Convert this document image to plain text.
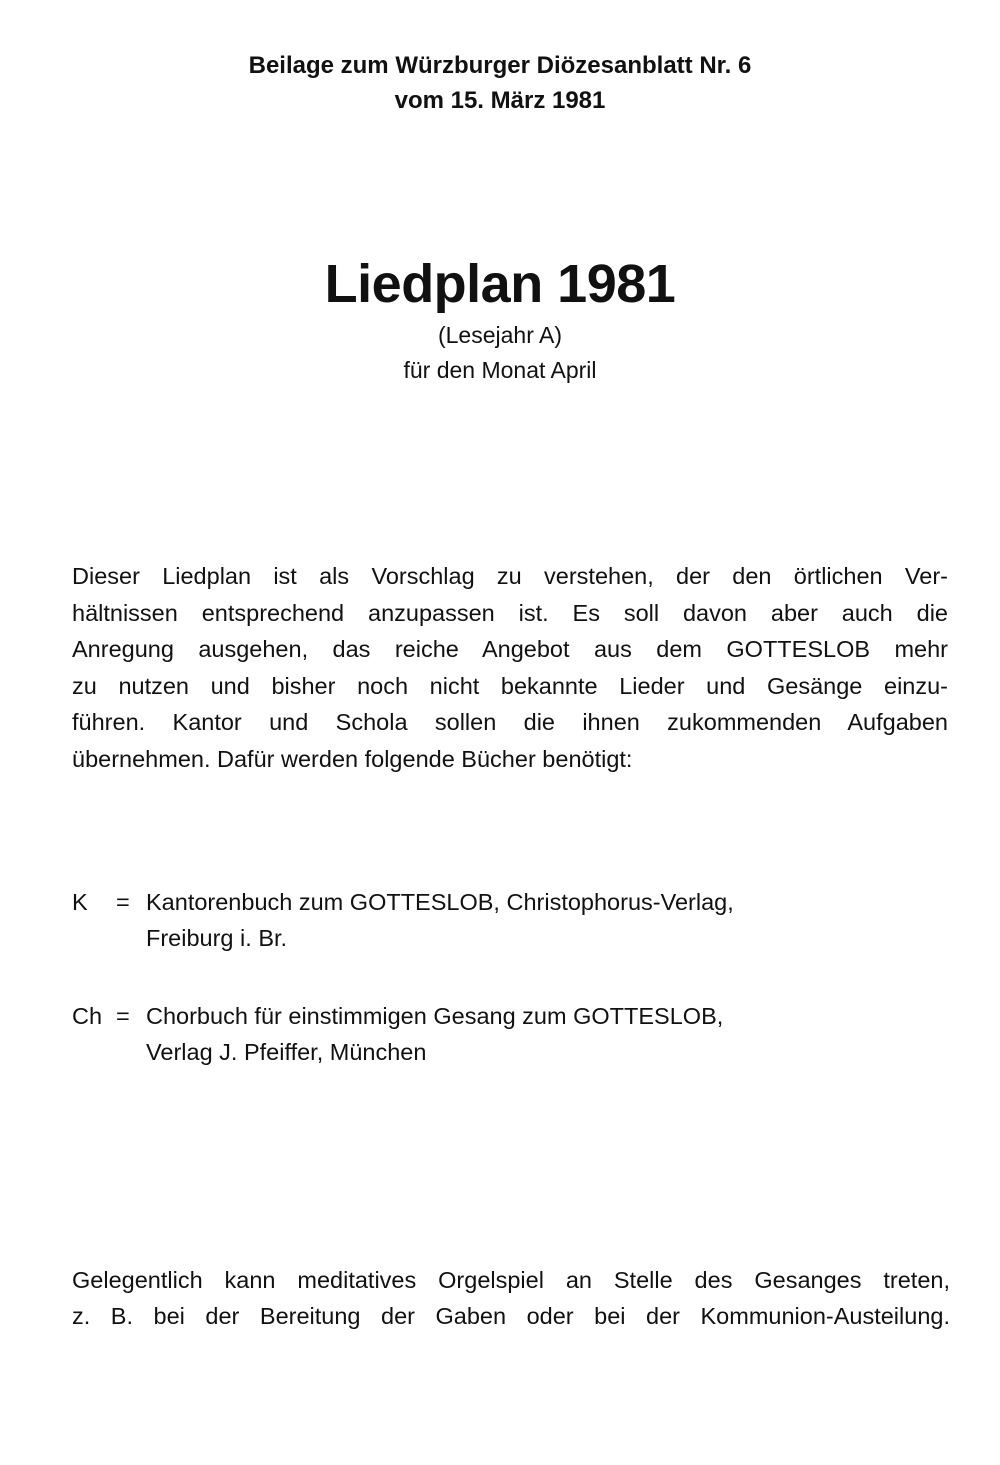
Beilage zum Würzburger Diözesanblatt Nr. 6
vom 15. März 1981
Liedplan 1981
(Lesejahr A)
für den Monat April
Dieser Liedplan ist als Vorschlag zu verstehen, der den örtlichen Ver-
hältnissen entsprechend anzupassen ist. Es soll davon aber auch die
Anregung ausgehen, das reiche Angebot aus dem GOTTESLOB mehr
zu nutzen und bisher noch nicht bekannte Lieder und Gesänge einzu-
führen. Kantor und Schola sollen die ihnen zukommenden Aufgaben
übernehmen. Dafür werden folgende Bücher benötigt:
K	= Kantorenbuch zum GOTTESLOB, Christophorus-Verlag,
Freiburg i. Br.
Ch = Chorbuch für einstimmigen Gesang zum GOTTESLOB,
Verlag J. Pfeiffer, München
Gelegentlich kann meditatives Orgelspiel an Stelle des Gesanges treten,
z. B. bei der Bereitung der Gaben oder bei der Kommunion-Austeilung.
